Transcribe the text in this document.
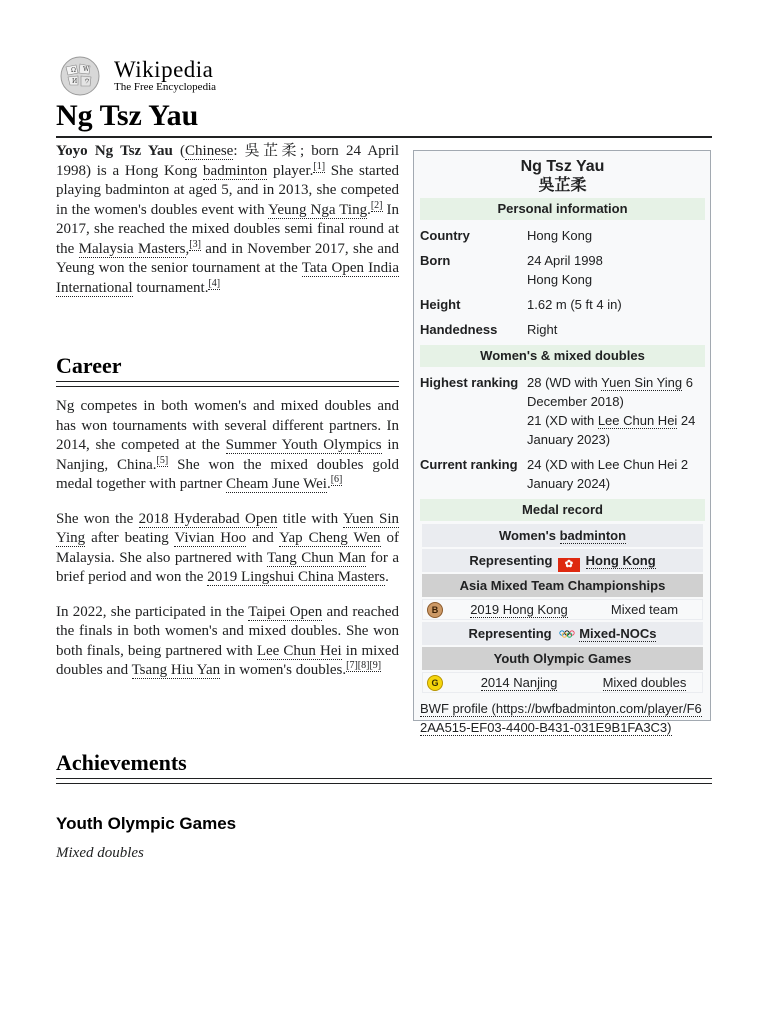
Ω W
И ウ Wikipedia
The Free Encyclopedia
Ng Tsz Yau

Yoyo Ng Tsz Yau (Chinese: 吳芷柔; born 24 April 1998) is a Hong Kong badminton player.[1] She started playing badminton at aged 5, and in 2013, she competed in the women's doubles event with Yeung Nga Ting.[2] In 2017, she reached the mixed doubles semi final round at the Malaysia Masters,[3] and in November 2017, she and Yeung won the senior tournament at the Tata Open India International tournament.[4]

Career

Ng competes in both women's and mixed doubles and has won tournaments with several different partners. In 2014, she competed at the Summer Youth Olympics in Nanjing, China.[5] She won the mixed doubles gold medal together with partner Cheam June Wei.[6]

She won the 2018 Hyderabad Open title with Yuen Sin Ying after beating Vivian Hoo and Yap Cheng Wen of Malaysia. She also partnered with Tang Chun Man for a brief period and won the 2019 Lingshui China Masters.

In 2022, she participated in the Taipei Open and reached the finals in both women's and mixed doubles. She won both finals, being partnered with Lee Chun Hei in mixed doubles and Tsang Hiu Yan in women's doubles.[7][8][9]

Achievements
Youth Olympic Games
Mixed doubles
Ng Tsz Yau
吳芷柔
Personal information
Country	Hong Kong
Born	24 April 1998
Hong Kong
Height	1.62 m (5 ft 4 in)
Handedness	Right
Women's & mixed doubles
Highest ranking 28 (WD with Yuen Sin Ying 6 December 2018)
21 (XD with Lee Chun Hei 24 January 2023)
Current ranking 24 (XD with Lee Chun Hei 2 January 2024)
Medal record
Women's badminton
Representing ✿ Hong Kong
Asia Mixed Team Championships
B	2019 Hong Kong	Mixed team
Representing Mixed-NOCs
Youth Olympic Games
G	2014 Nanjing	Mixed doubles
BWF profile (https://bwfbadminton.com/player/F62AA515-EF03-4400-B431-031E9B1FA3C3)
